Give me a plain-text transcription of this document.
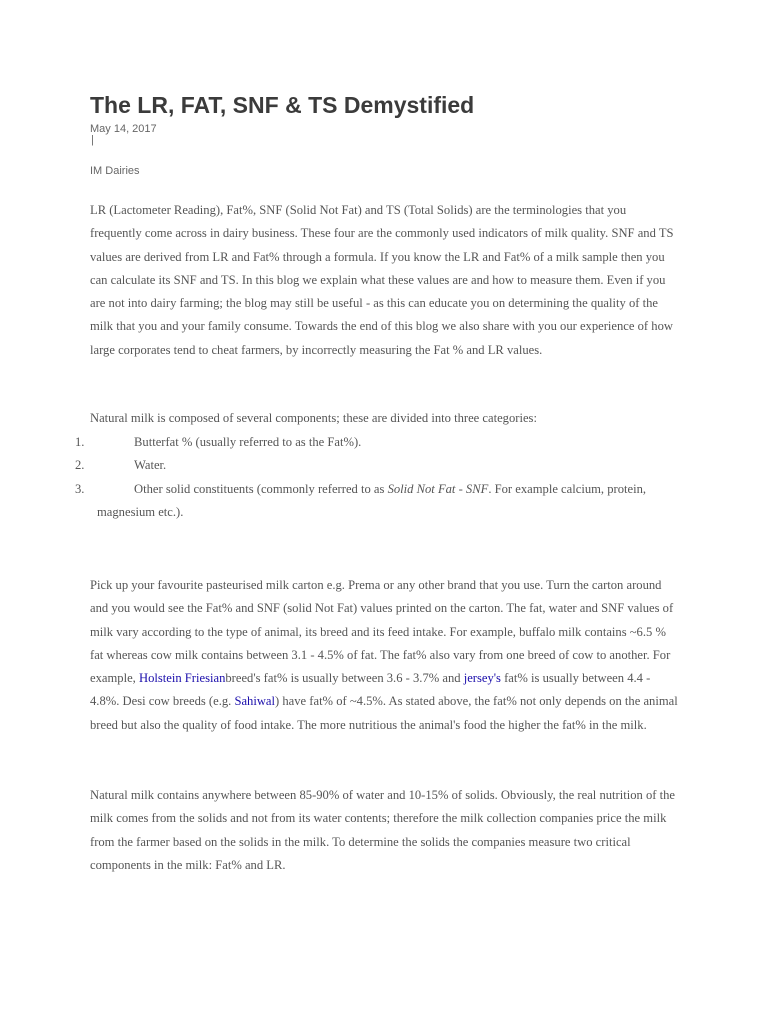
The LR, FAT, SNF & TS Demystified
May 14, 2017
|
IM Dairies

LR (Lactometer Reading), Fat%, SNF (Solid Not Fat) and TS (Total Solids) are the terminologies that you frequently come across in dairy business. These four are the commonly used indicators of milk quality. SNF and TS values are derived from LR and Fat% through a formula. If you know the LR and Fat% of a milk sample then you can calculate its SNF and TS. In this blog we explain what these values are and how to measure them. Even if you are not into dairy farming; the blog may still be useful - as this can educate you on determining the quality of the milk that you and your family consume. Towards the end of this blog we also share with you our experience of how large corporates tend to cheat farmers, by incorrectly measuring the Fat % and LR values.

Natural milk is composed of several components; these are divided into three categories:

1.	Butterfat % (usually referred to as the Fat%).
2.	Water.
3.	Other solid constituents (commonly referred to as Solid Not Fat - SNF. For example calcium, protein,
magnesium etc.).

Pick up your favourite pasteurised milk carton e.g. Prema or any other brand that you use. Turn the carton around and you would see the Fat% and SNF (solid Not Fat) values printed on the carton. The fat, water and SNF values of milk vary according to the type of animal, its breed and its feed intake. For example, buffalo milk contains ~6.5 % fat whereas cow milk contains between 3.1 - 4.5% of fat. The fat% also vary from one breed of cow to another. For example, Holstein Friesianbreed's fat% is usually between 3.6 - 3.7% and jersey's fat% is usually between 4.4 - 4.8%. Desi cow breeds (e.g. Sahiwal) have fat% of ~4.5%. As stated above, the fat% not only depends on the animal breed but also the quality of food intake. The more nutritious the animal's food the higher the fat% in the milk.

Natural milk contains anywhere between 85-90% of water and 10-15% of solids. Obviously, the real nutrition of the milk comes from the solids and not from its water contents; therefore the milk collection companies price the milk from the farmer based on the solids in the milk. To determine the solids the companies measure two critical components in the milk: Fat% and LR.
